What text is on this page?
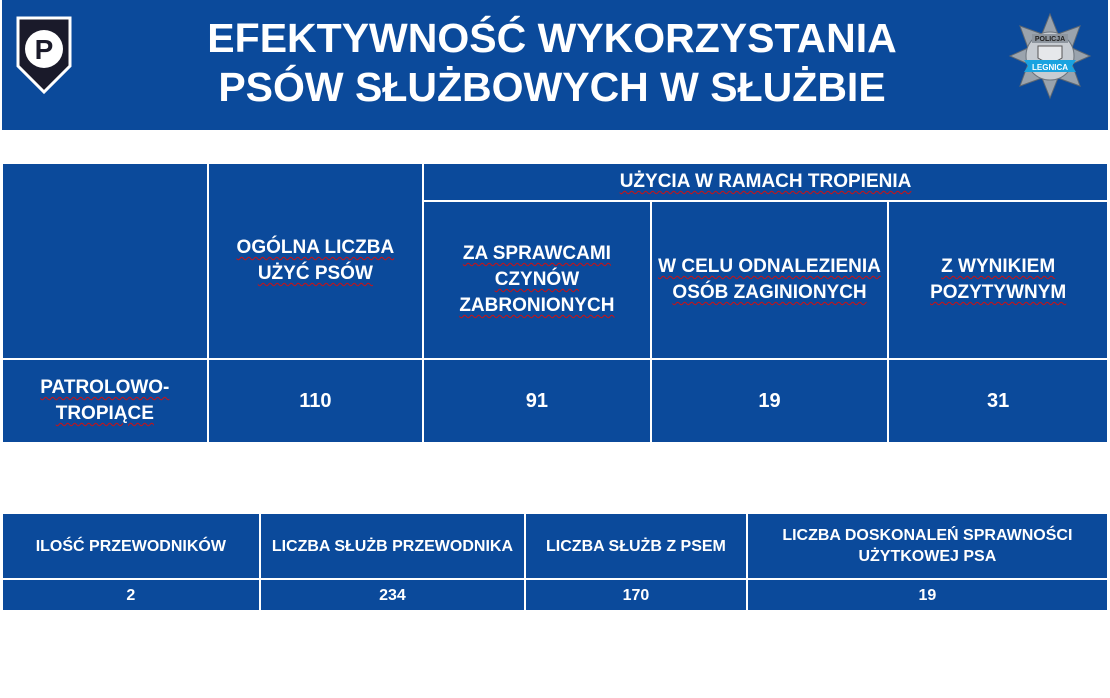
P	EFEKTYWNOŚĆ WYKORZYSTANIA
PSÓW SŁUŻBOWYCH W SŁUŻBIE
POLICJA
LEGNICA
	OGÓLNA LICZBA UŻYĆ PSÓW	UŻYCIA W RAMACH TROPIENIA		
		ZA SPRAWCAMI CZYNÓW ZABRONIONYCH	W CELU ODNALEZIENIA OSÓB ZAGINIONYCH	Z WYNIKIEM POZYTYWNYM
PATROLOWO-TROPIĄCE	110	91	19	31
ILOŚĆ PRZEWODNIKÓW	LICZBA SŁUŻB PRZEWODNIKA	LICZBA SŁUŻB Z PSEM	LICZBA DOSKONALEŃ SPRAWNOŚCI UŻYTKOWEJ PSA
2	234	170	19
